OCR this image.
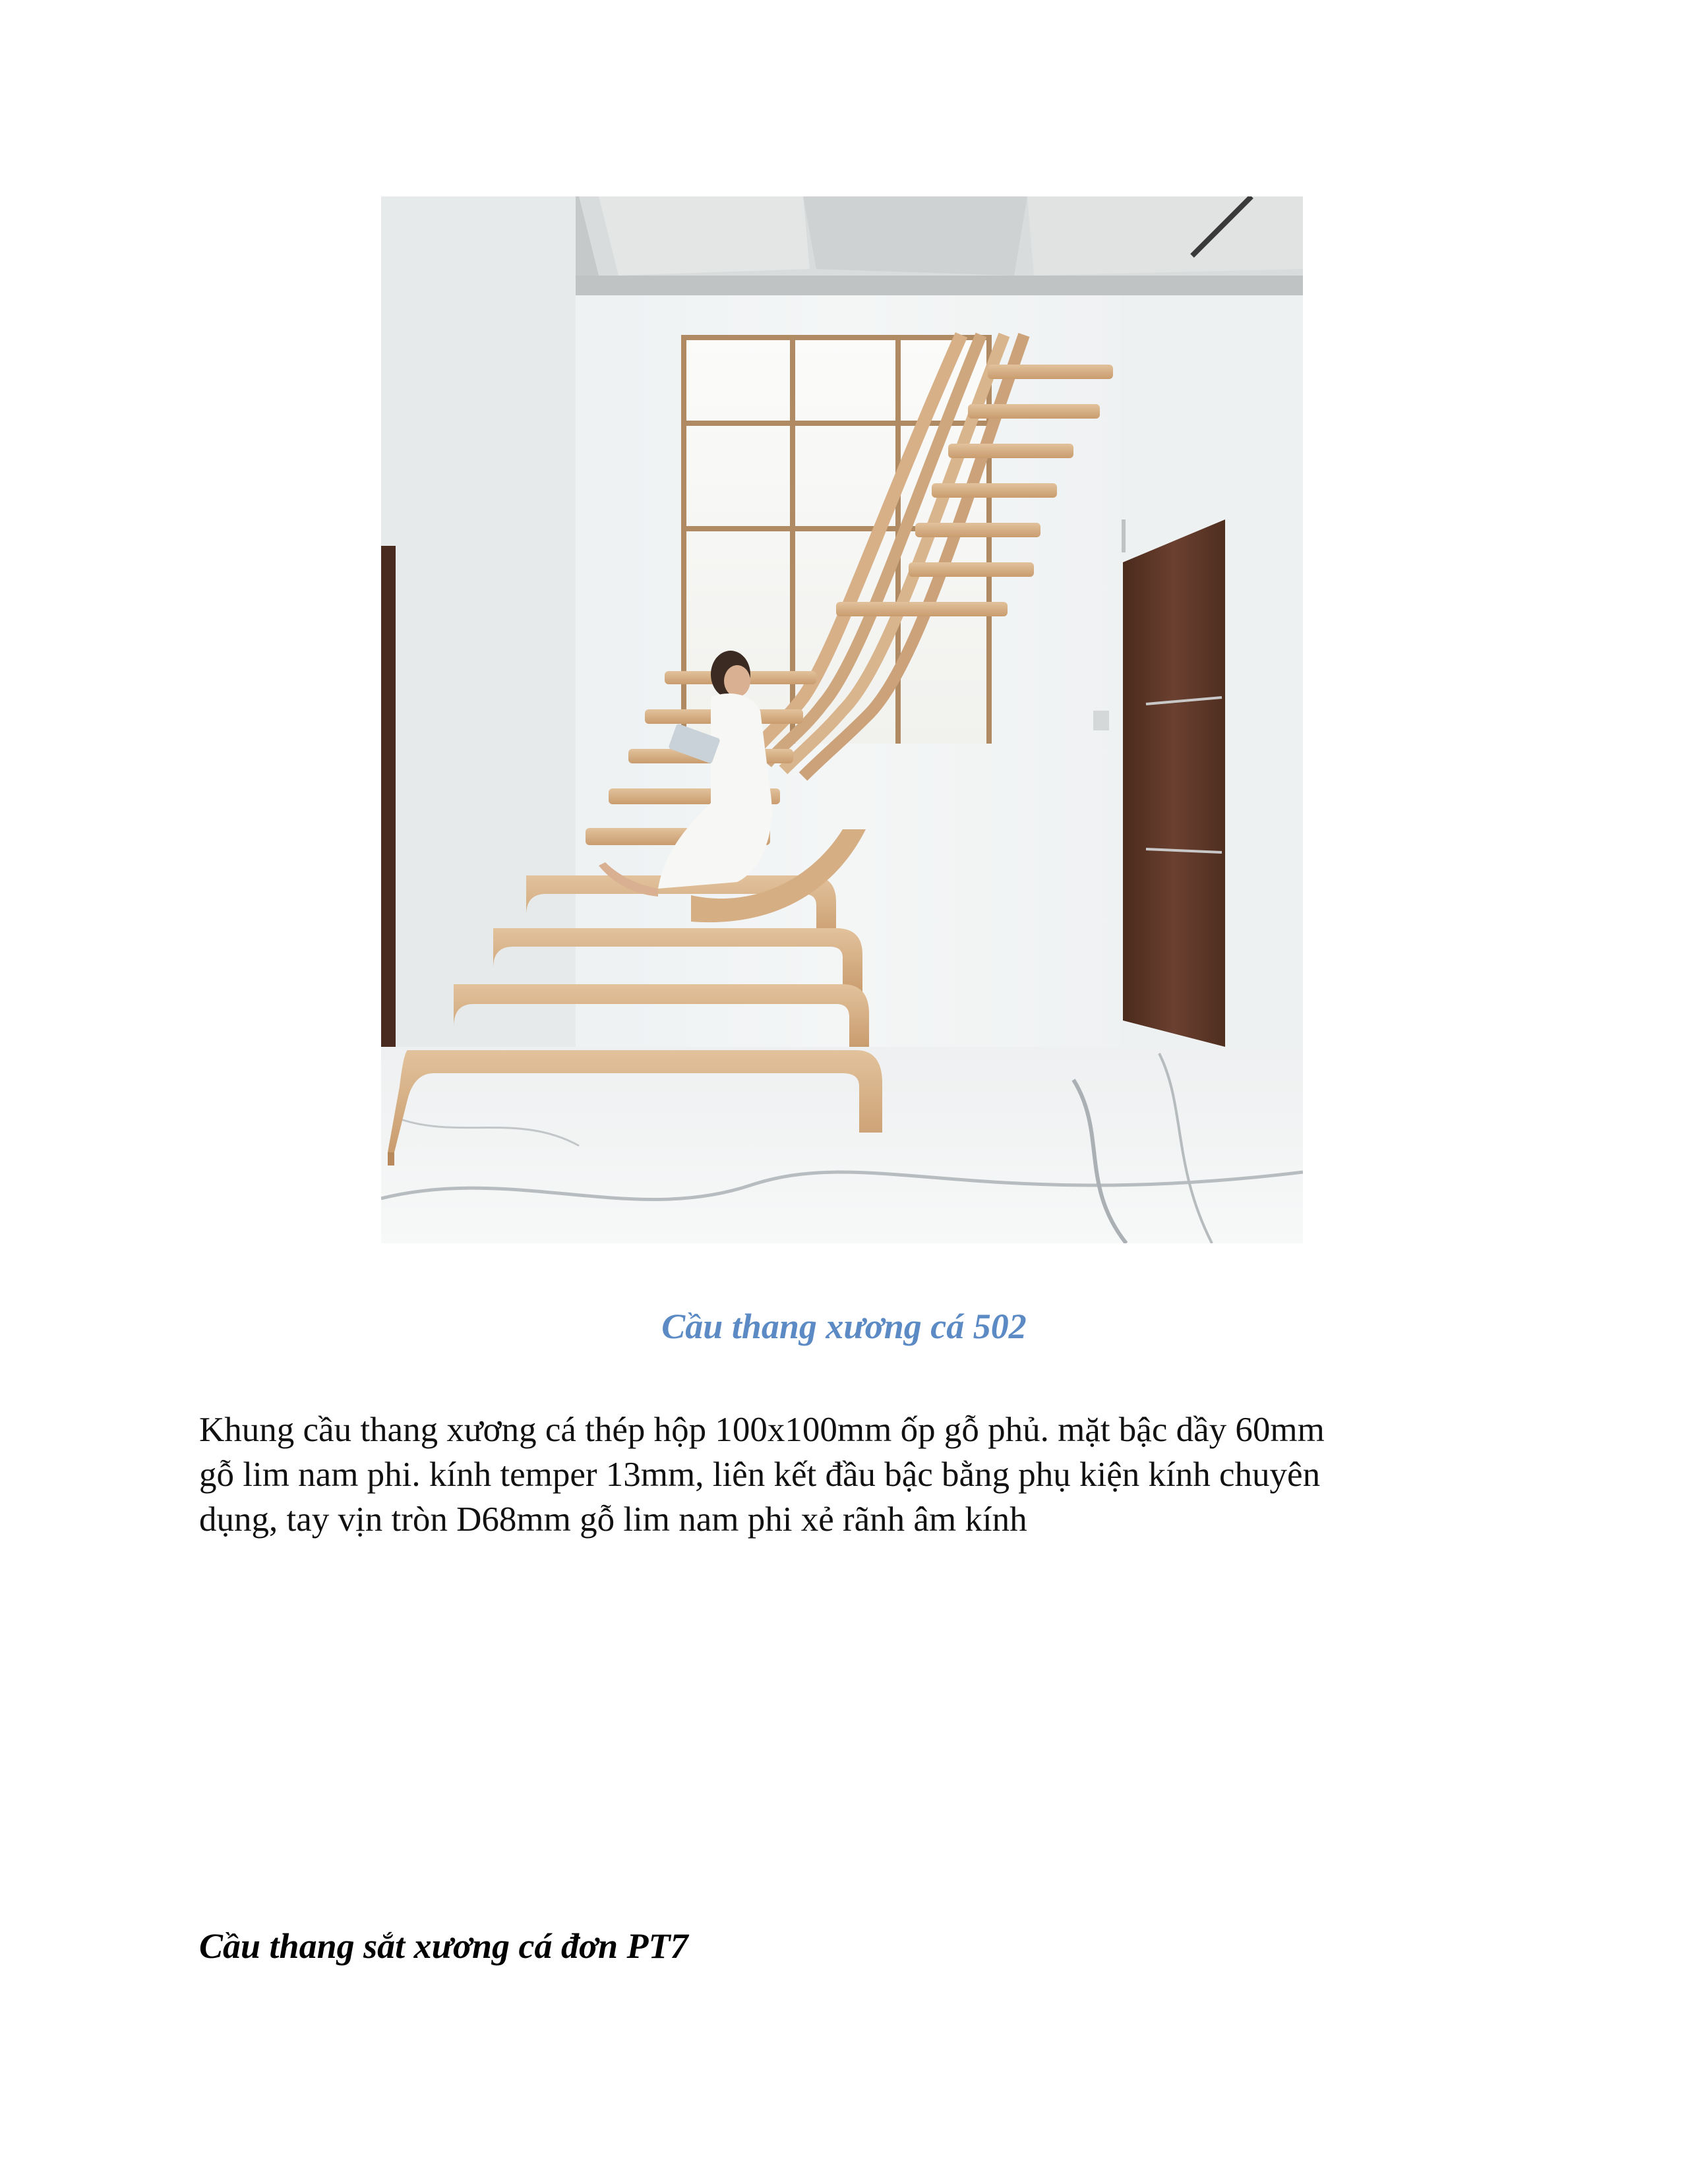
Cầu thang xương cá 502
Khung cầu thang xương cá thép hộp 100x100mm ốp gỗ phủ. mặt bậc dầy 60mm
gỗ lim nam phi. kính temper 13mm, liên kết đầu bậc bằng phụ kiện kính chuyên
dụng, tay vịn tròn D68mm gỗ lim nam phi xẻ rãnh âm kính
Cầu thang sắt xương cá đơn PT7
